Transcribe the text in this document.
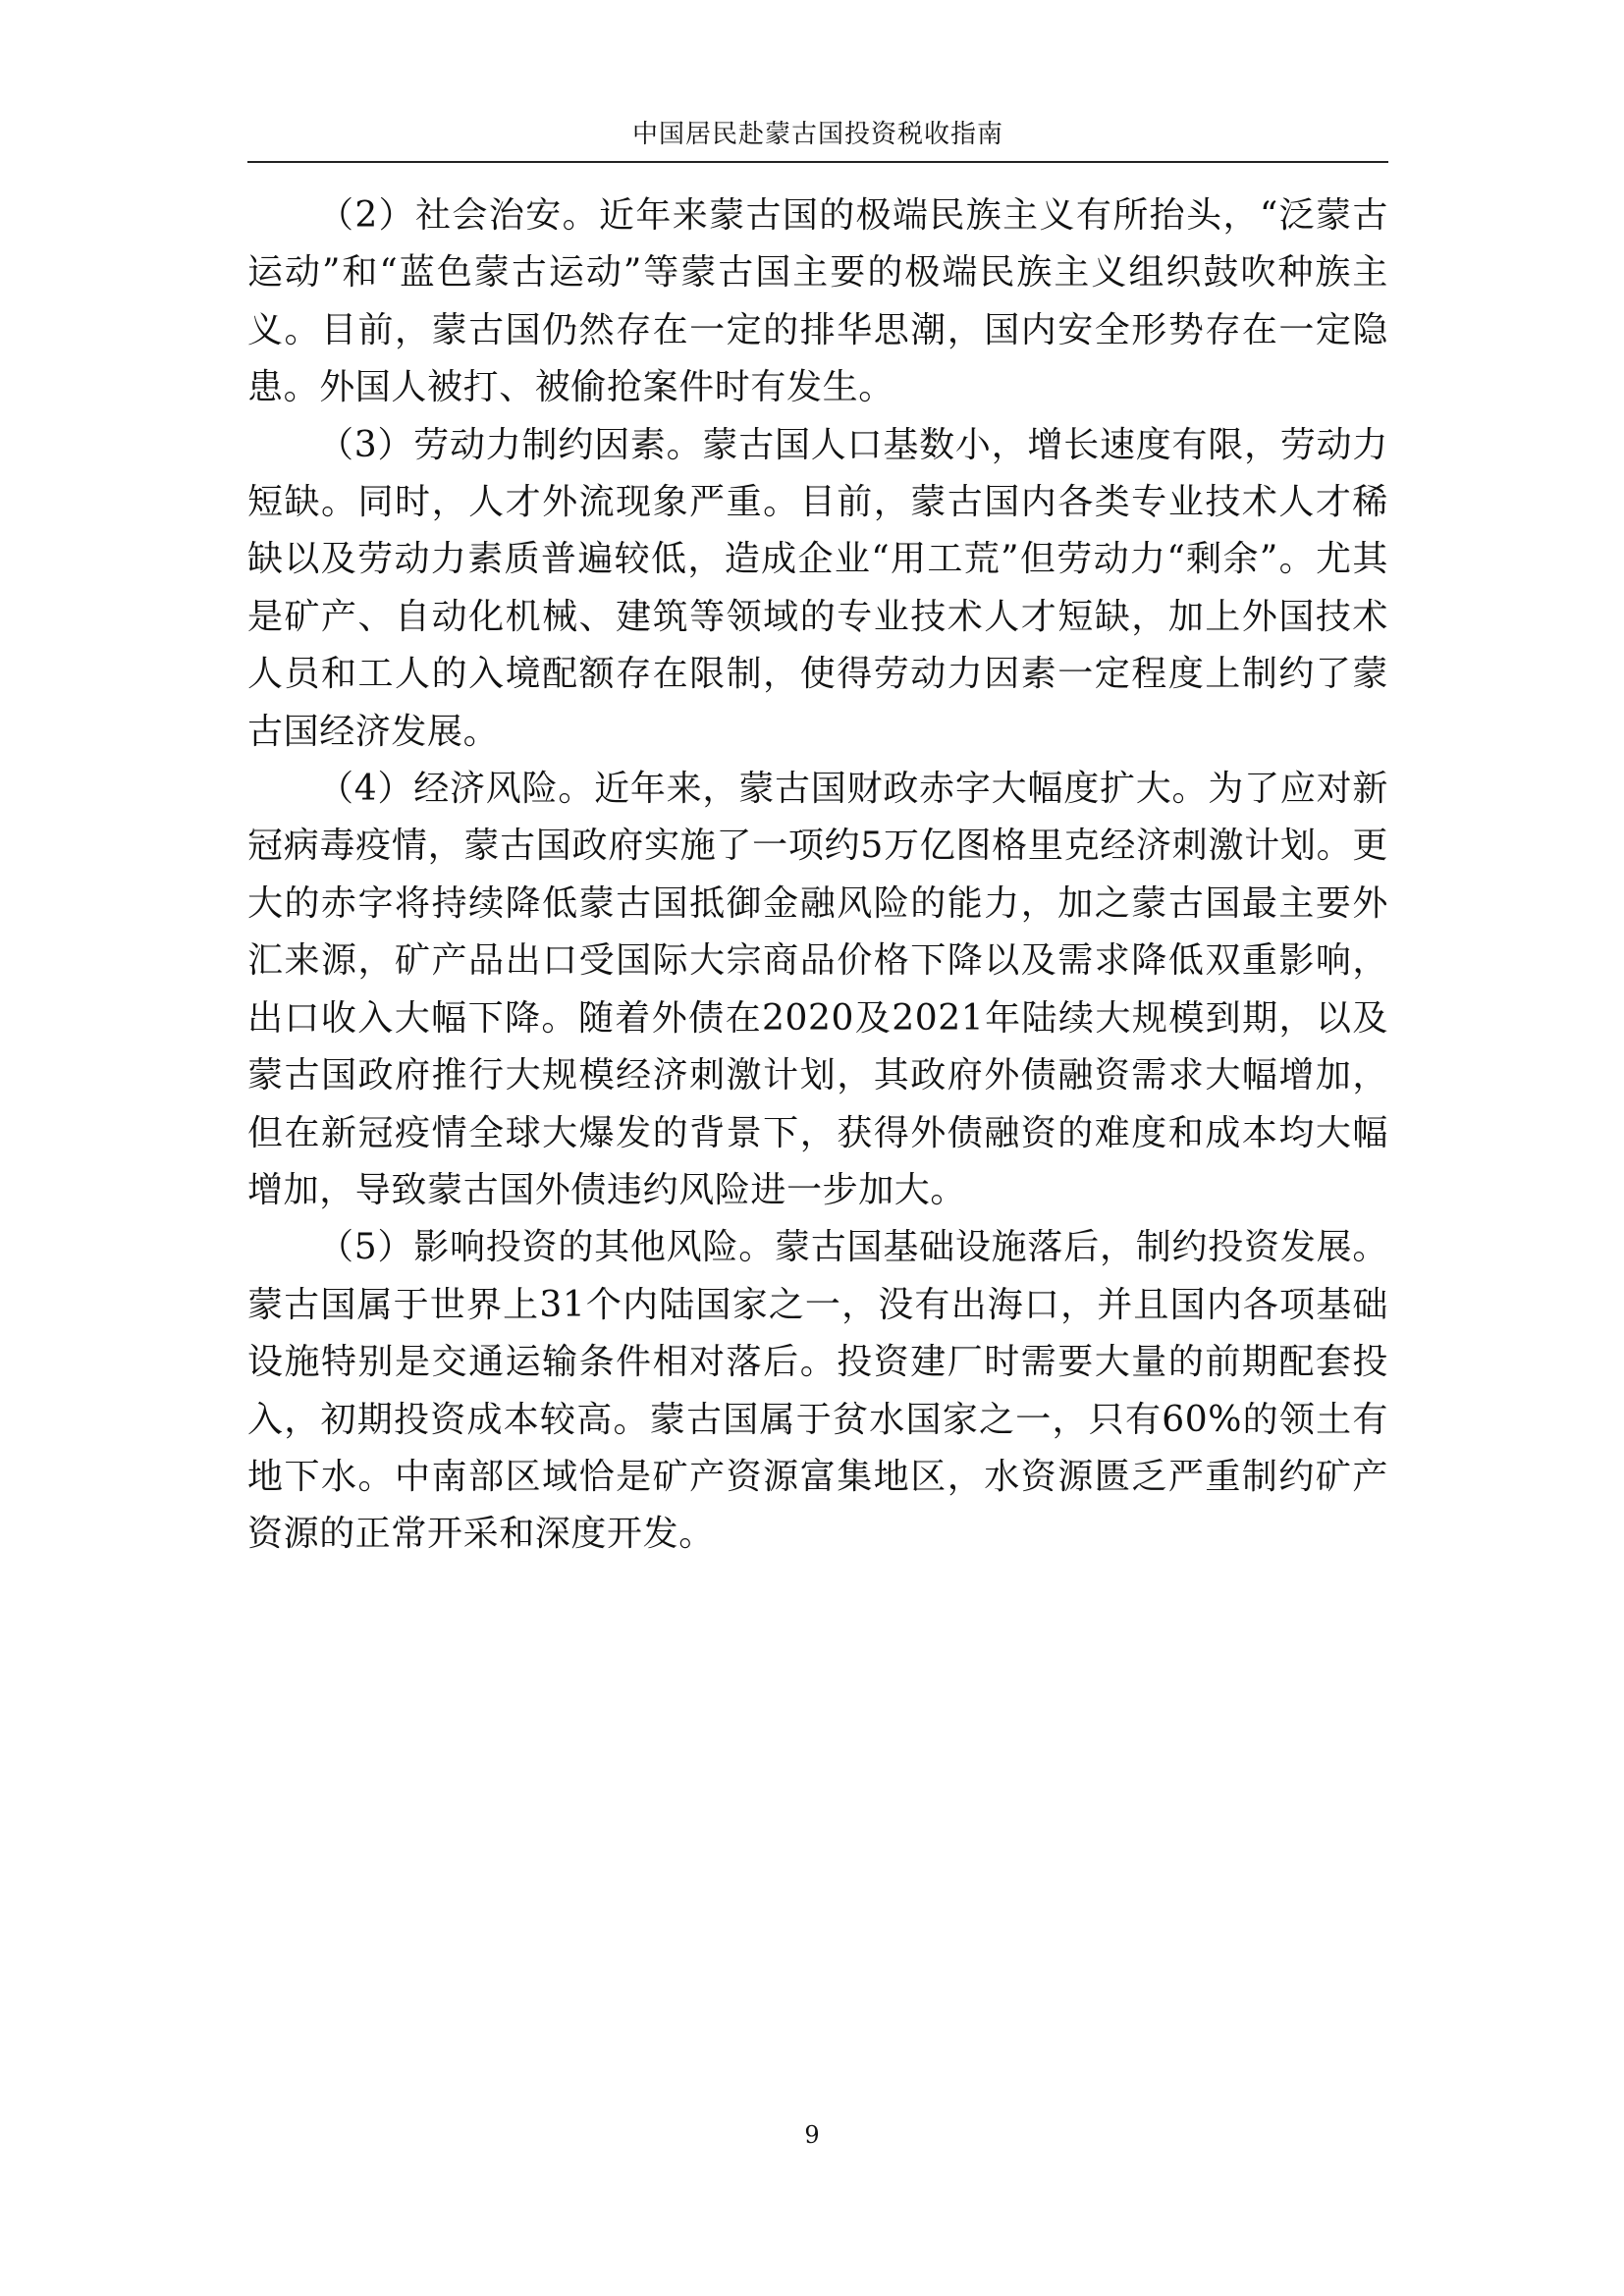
中国居民赴蒙古国投资税收指南

（2）社会治安。近年来蒙古国的极端民族主义有所抬头，“泛蒙古运动”和“蓝色蒙古运动”等蒙古国主要的极端民族主义组织鼓吹种族主义。目前，蒙古国仍然存在一定的排华思潮，国内安全形势存在一定隐患。外国人被打、被偷抢案件时有发生。

（3）劳动力制约因素。蒙古国人口基数小，增长速度有限，劳动力短缺。同时，人才外流现象严重。目前，蒙古国内各类专业技术人才稀缺以及劳动力素质普遍较低，造成企业“用工荒”但劳动力“剩余”。尤其是矿产、自动化机械、建筑等领域的专业技术人才短缺，加上外国技术人员和工人的入境配额存在限制，使得劳动力因素一定程度上制约了蒙古国经济发展。

（4）经济风险。近年来，蒙古国财政赤字大幅度扩大。为了应对新冠病毒疫情，蒙古国政府实施了一项约5万亿图格里克经济刺激计划。更大的赤字将持续降低蒙古国抵御金融风险的能力，加之蒙古国最主要外汇来源，矿产品出口受国际大宗商品价格下降以及需求降低双重影响，出口收入大幅下降。随着外债在2020及2021年陆续大规模到期，以及蒙古国政府推行大规模经济刺激计划，其政府外债融资需求大幅增加，但在新冠疫情全球大爆发的背景下，获得外债融资的难度和成本均大幅增加，导致蒙古国外债违约风险进一步加大。

（5）影响投资的其他风险。蒙古国基础设施落后，制约投资发展。蒙古国属于世界上31个内陆国家之一，没有出海口，并且国内各项基础设施特别是交通运输条件相对落后。投资建厂时需要大量的前期配套投入，初期投资成本较高。蒙古国属于贫水国家之一，只有60%的领土有地下水。中南部区域恰是矿产资源富集地区，水资源匮乏严重制约矿产资源的正常开采和深度开发。

9
